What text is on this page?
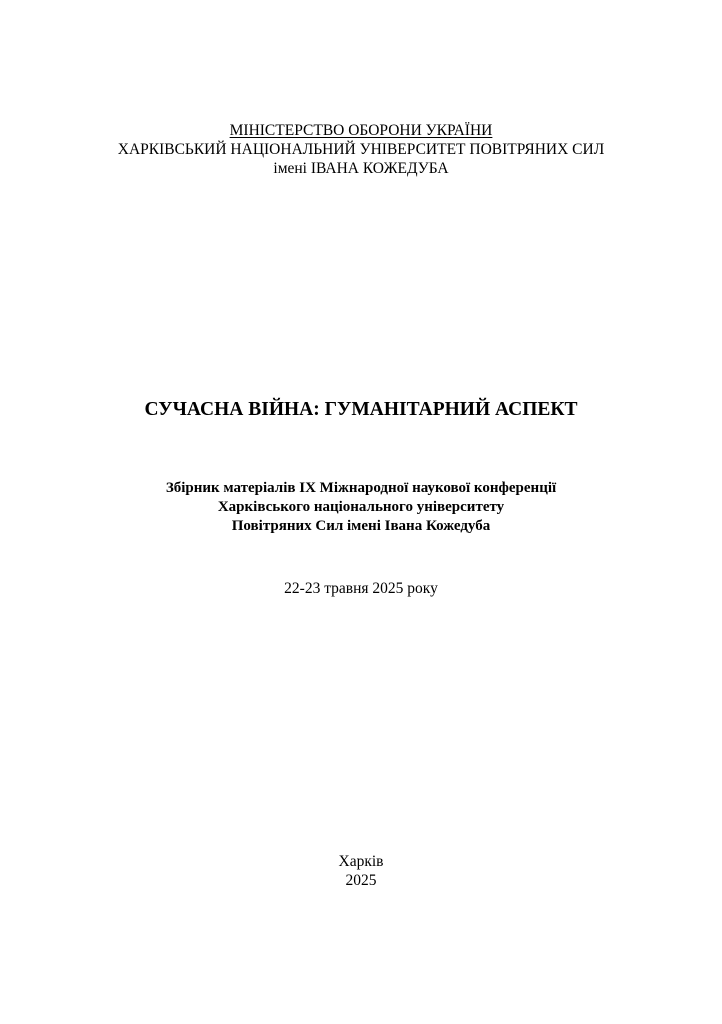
МІНІСТЕРСТВО ОБОРОНИ УКРАЇНИ
ХАРКІВСЬКИЙ НАЦІОНАЛЬНИЙ УНІВЕРСИТЕТ ПОВІТРЯНИХ СИЛ
імені ІВАНА КОЖЕДУБА
СУЧАСНА ВІЙНА: ГУМАНІТАРНИЙ АСПЕКТ
Збірник матеріалів IX Міжнародної наукової конференції
Харківського національного університету
Повітряних Сил імені Івана Кожедуба
22-23 травня 2025 року
Харків
2025
